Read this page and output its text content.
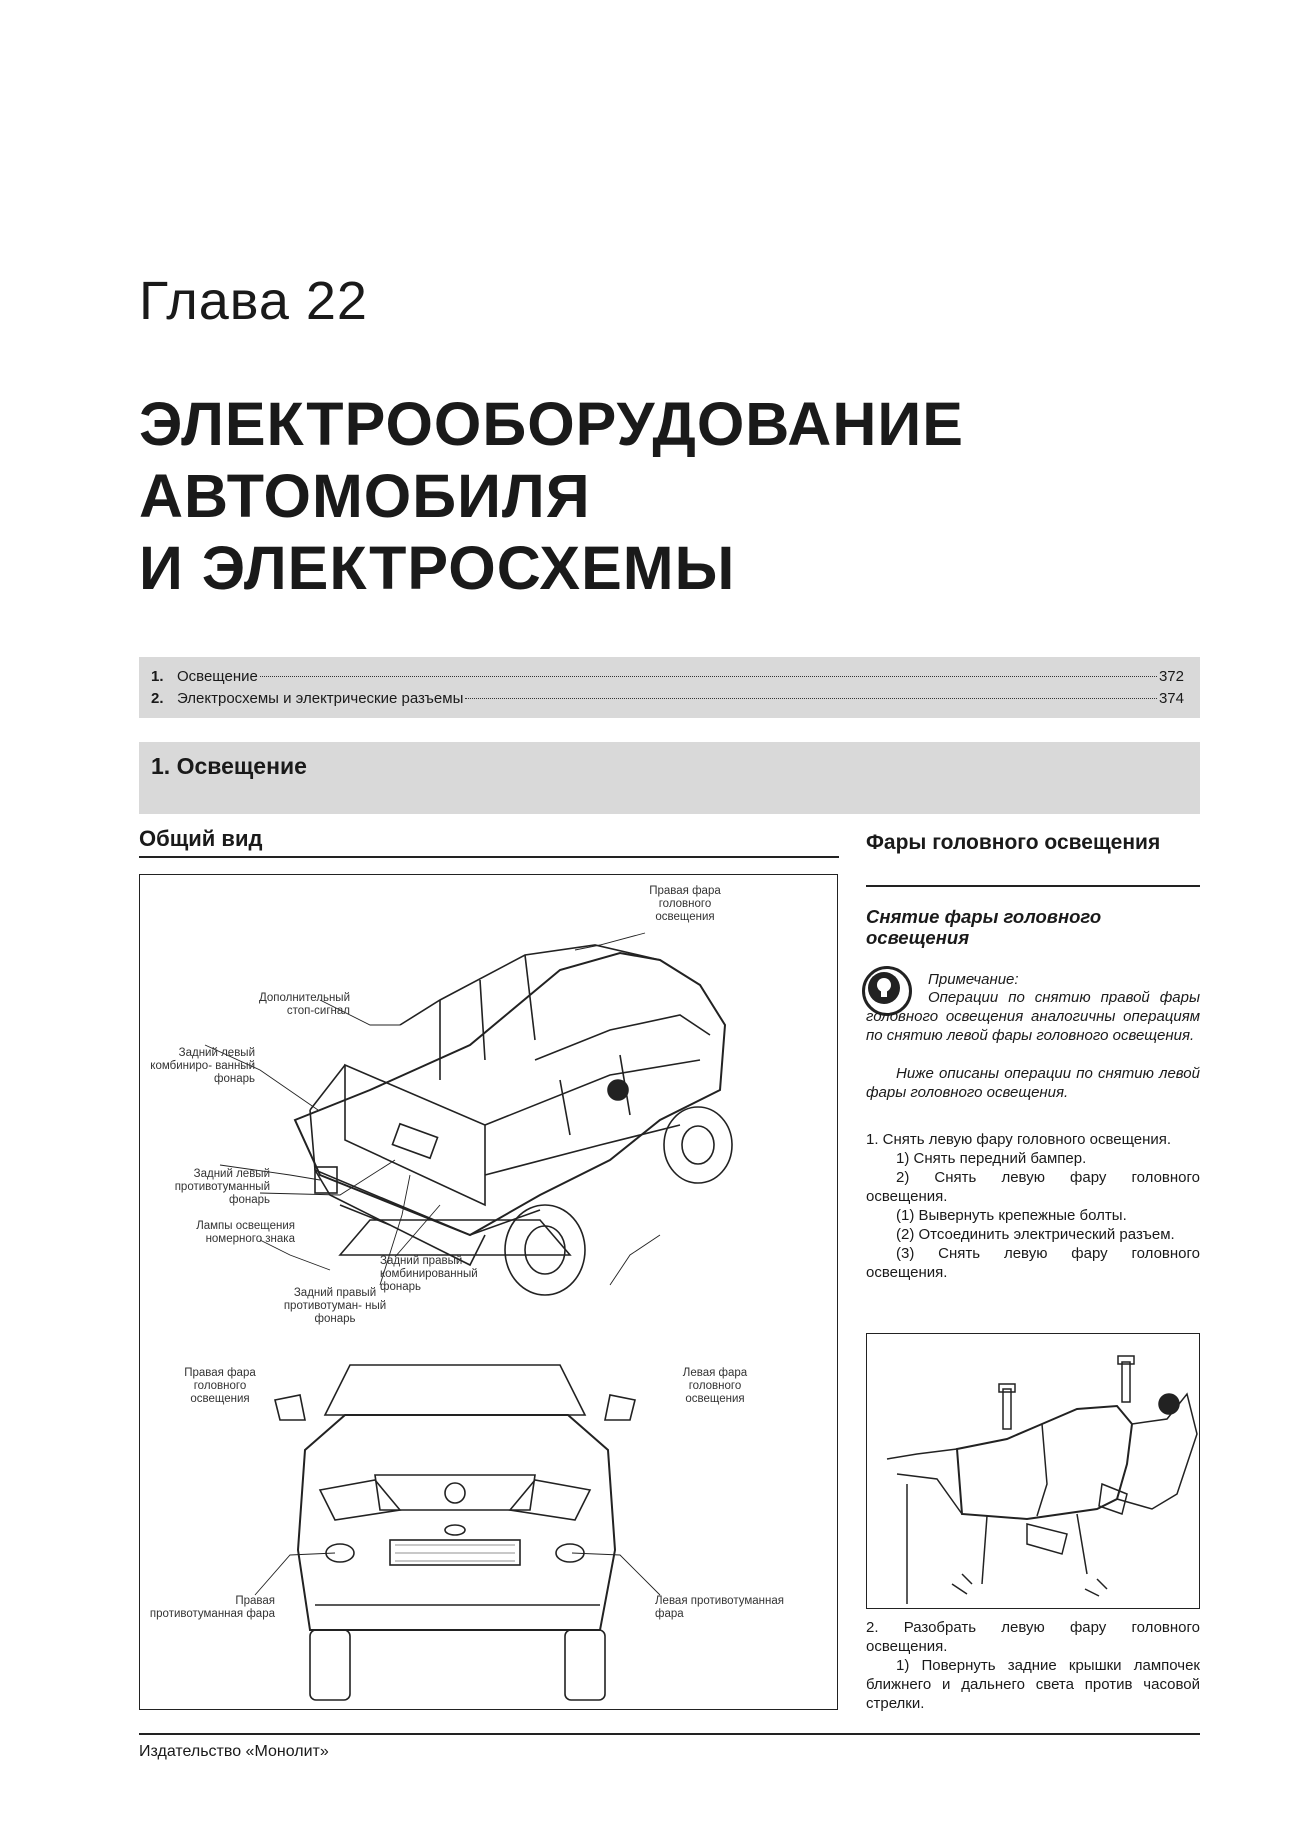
Глава 22
ЭЛЕКТРООБОРУДОВАНИЕ
АВТОМОБИЛЯ
И ЭЛЕКТРОСХЕМЫ
1. Освещение	372
2. Электросхемы и электрические разъемы	374
1. Освещение
Общий вид
Правая фара головного освещения
Дополнительный стоп-сигнал
Задний левый комбиниро- ванный фонарь
Задний левый противотуманный фонарь
Лампы освещения номерного знака
Задний правый комбинированный фонарь
Задний правый противотуман- ный фонарь
Правая фара головного освещения
Левая фара головного освещения
Правая противотуманная фара
Левая противотуманная фара
Фары головного освещения
Снятие фары головного освещения
Примечание:
Операции по снятию правой фары головного освещения аналогичны операциям по снятию левой фары головного освещения.
Ниже описаны операции по снятию левой фары головного освещения.
1. Снять левую фару головного освещения.
1) Снять передний бампер.
2) Снять левую фару головного освещения.
(1) Вывернуть крепежные болты.
(2) Отсоединить электрический разъем.
(3) Снять левую фару головного освещения.
2. Разобрать левую фару головного освещения.
1) Повернуть задние крышки лампочек ближнего и дальнего света против часовой стрелки.
Издательство «Монолит»
